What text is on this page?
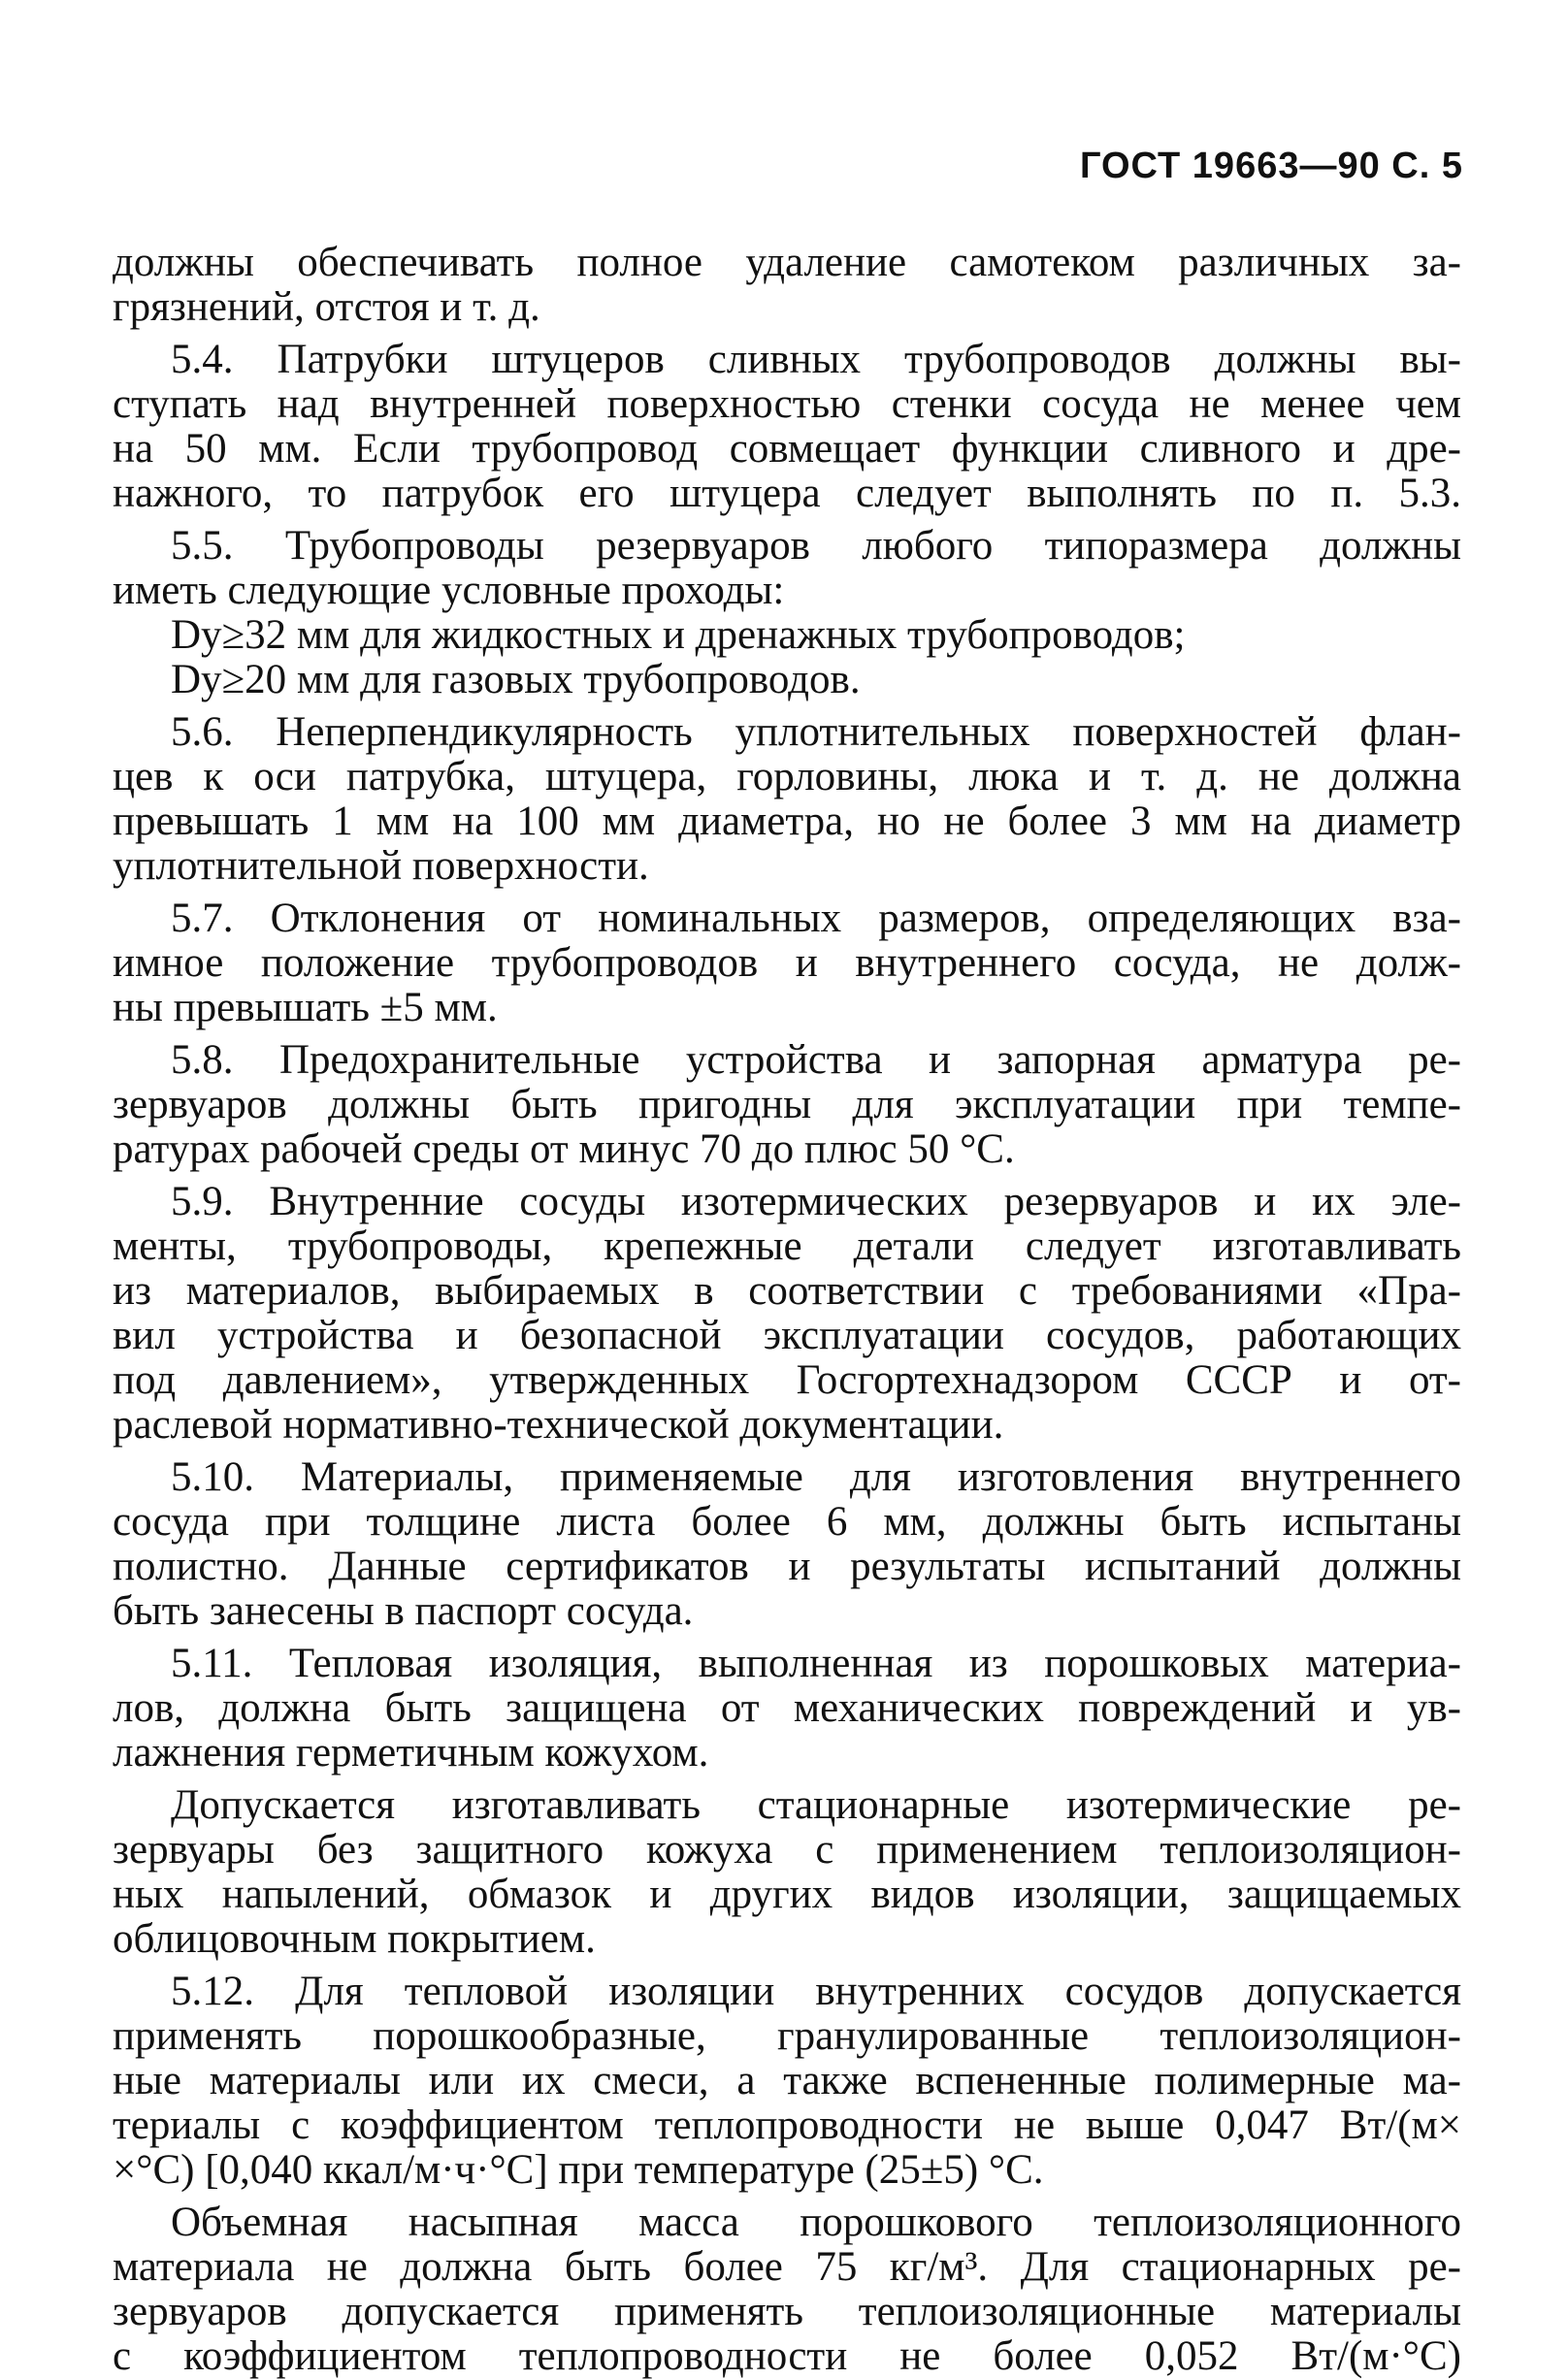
ГОСТ 19663—90 С. 5
должны обеспечивать полное удаление самотеком различных за-
грязнений, отстоя и т. д.
5.4. Патрубки штуцеров сливных трубопроводов должны вы-
ступать над внутренней поверхностью стенки сосуда не менее чем
на 50 мм. Если трубопровод совмещает функции сливного и дре-
нажного, то патрубок его штуцера следует выполнять по п. 5.3.
5.5. Трубопроводы резервуаров любого типоразмера должны
иметь следующие условные проходы:
Dу≥32 мм для жидкостных и дренажных трубопроводов;
Dу≥20 мм для газовых трубопроводов.
5.6. Неперпендикулярность уплотнительных поверхностей флан-
цев к оси патрубка, штуцера, горловины, люка и т. д. не должна
превышать 1 мм на 100 мм диаметра, но не более 3 мм на диаметр
уплотнительной поверхности.
5.7. Отклонения от номинальных размеров, определяющих вза-
имное положение трубопроводов и внутреннего сосуда, не долж-
ны превышать ±5 мм.
5.8. Предохранительные устройства и запорная арматура ре-
зервуаров должны быть пригодны для эксплуатации при темпе-
ратурах рабочей среды от минус 70 до плюс 50 °С.
5.9. Внутренние сосуды изотермических резервуаров и их эле-
менты, трубопроводы, крепежные детали следует изготавливать
из материалов, выбираемых в соответствии с требованиями «Пра-
вил устройства и безопасной эксплуатации сосудов, работающих
под давлением», утвержденных Госгортехнадзором СССР и от-
раслевой нормативно-технической документации.
5.10. Материалы, применяемые для изготовления внутреннего
сосуда при толщине листа более 6 мм, должны быть испытаны
полистно. Данные сертификатов и результаты испытаний должны
быть занесены в паспорт сосуда.
5.11. Тепловая изоляция, выполненная из порошковых материа-
лов, должна быть защищена от механических повреждений и ув-
лажнения герметичным кожухом.
Допускается изготавливать стационарные изотермические ре-
зервуары без защитного кожуха с применением теплоизоляцион-
ных напылений, обмазок и других видов изоляции, защищаемых
облицовочным покрытием.
5.12. Для тепловой изоляции внутренних сосудов допускается
применять порошкообразные, гранулированные теплоизоляцион-
ные материалы или их смеси, а также вспененные полимерные ма-
териалы с коэффициентом теплопроводности не выше 0,047 Вт/(м×
×°С) [0,040 ккал/м·ч·°С] при температуре (25±5) °С.
Объемная насыпная масса порошкового теплоизоляционного
материала не должна быть более 75 кг/м³. Для стационарных ре-
зервуаров допускается применять теплоизоляционные материалы
с коэффициентом теплопроводности не более 0,052 Вт/(м·°С)
